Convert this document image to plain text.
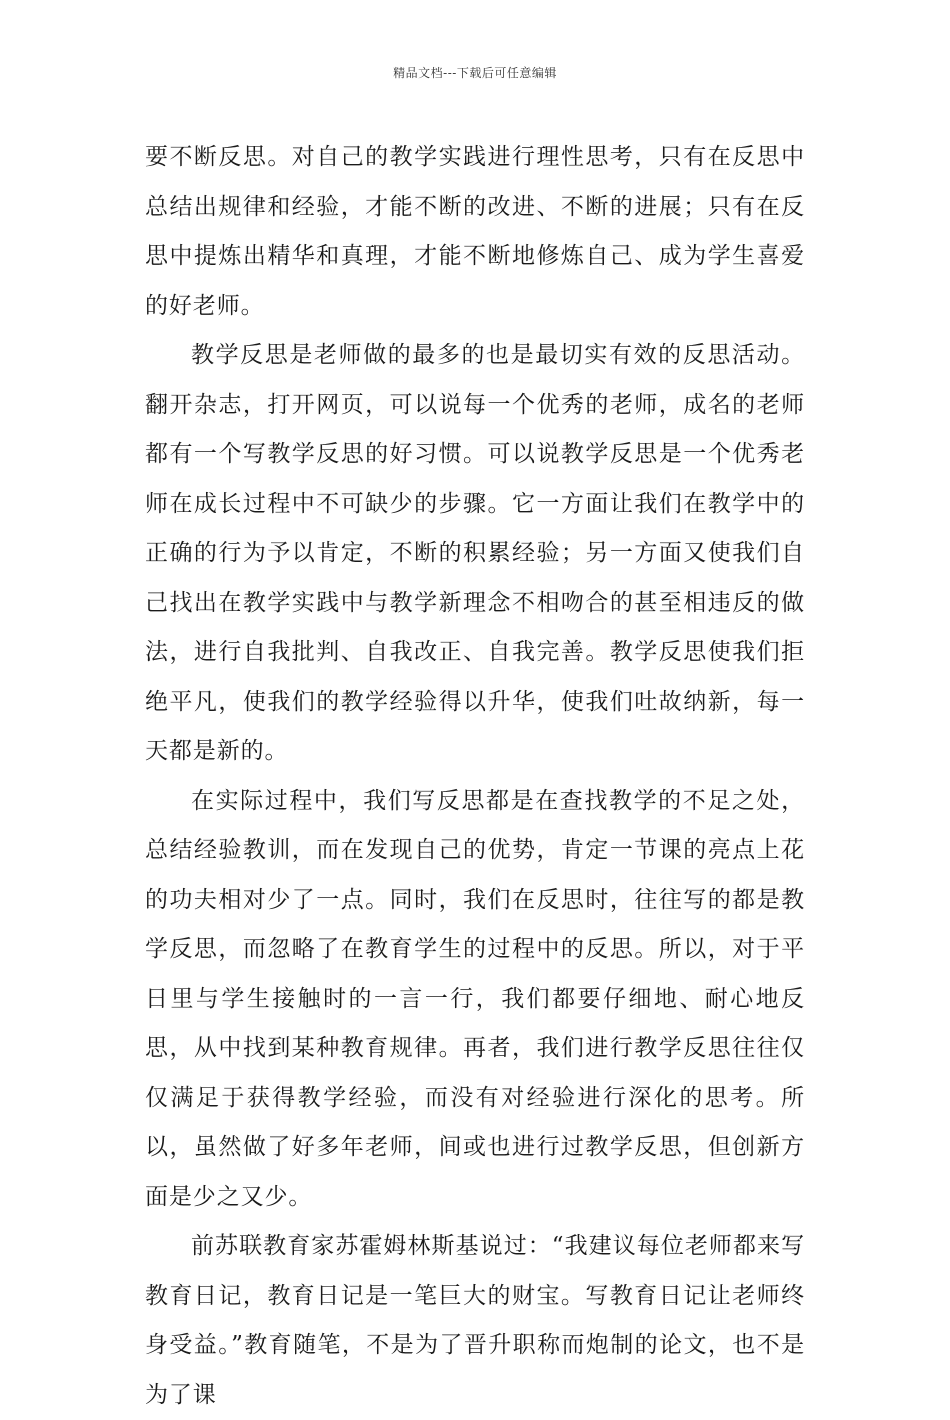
精品文档---下载后可任意编辑

要不断反思。对自己的教学实践进行理性思考，只有在反思中总结出规律和经验，才能不断的改进、不断的进展；只有在反思中提炼出精华和真理，才能不断地修炼自己、成为学生喜爱的好老师。

教学反思是老师做的最多的也是最切实有效的反思活动。翻开杂志，打开网页，可以说每一个优秀的老师，成名的老师都有一个写教学反思的好习惯。可以说教学反思是一个优秀老师在成长过程中不可缺少的步骤。它一方面让我们在教学中的正确的行为予以肯定，不断的积累经验；另一方面又使我们自己找出在教学实践中与教学新理念不相吻合的甚至相违反的做法，进行自我批判、自我改正、自我完善。教学反思使我们拒绝平凡，使我们的教学经验得以升华，使我们吐故纳新，每一天都是新的。

在实际过程中，我们写反思都是在查找教学的不足之处，总结经验教训，而在发现自己的优势，肯定一节课的亮点上花的功夫相对少了一点。同时，我们在反思时，往往写的都是教学反思，而忽略了在教育学生的过程中的反思。所以，对于平日里与学生接触时的一言一行，我们都要仔细地、耐心地反思，从中找到某种教育规律。再者，我们进行教学反思往往仅仅满足于获得教学经验，而没有对经验进行深化的思考。所以，虽然做了好多年老师，间或也进行过教学反思，但创新方面是少之又少。

前苏联教育家苏霍姆林斯基说过：“我建议每位老师都来写教育日记，教育日记是一笔巨大的财宝。写教育日记让老师终身受益。”教育随笔，不是为了晋升职称而炮制的论文，也不是为了课
